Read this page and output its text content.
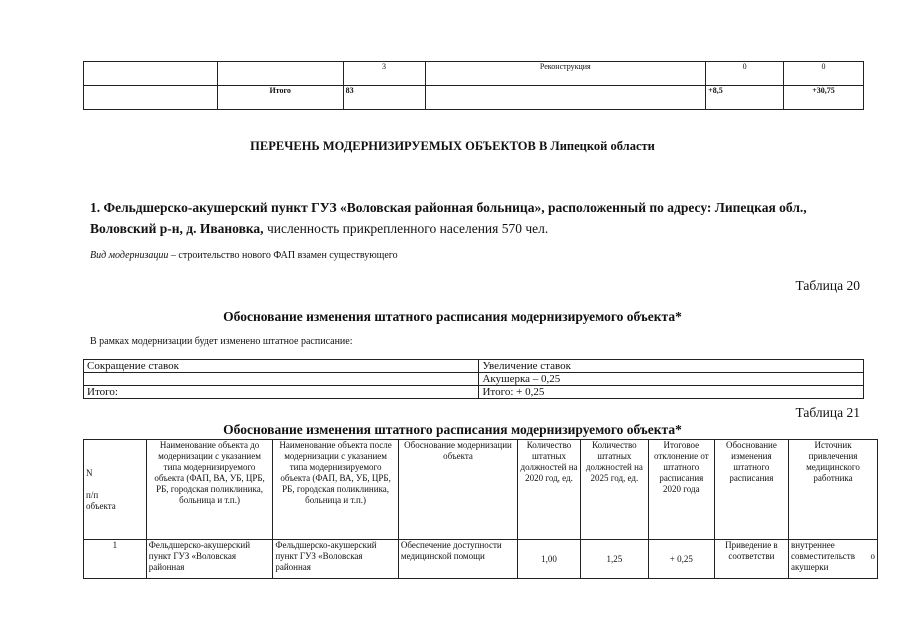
		3	Реконструкция	0	0
	Итого	83		+8,5	+30,75
ПЕРЕЧЕНЬ МОДЕРНИЗИРУЕМЫХ ОБЪЕКТОВ В Липецкой области
1. Фельдшерско-акушерский пункт ГУЗ «Воловская районная больница», расположенный по адресу: Липецкая обл., Воловский р-н, д. Ивановка, численность прикрепленного населения 570 чел.
Вид модернизации – строительство нового ФАП взамен существующего
Таблица 20
Обоснование изменения штатного расписания модернизируемого объекта*
В рамках модернизации будет изменено штатное расписание:
Сокращение ставок	Увеличение ставок
	Акушерка – 0,25
Итого:	Итого: + 0,25
Таблица 21
Обоснование изменения штатного расписания модернизируемого объекта*
N

п/п
объекта	Наименование объекта до модернизации с указанием типа модернизируемого объекта (ФАП, ВА, УБ, ЦРБ, РБ, городская поликлиника, больница и т.п.)	Наименование объекта после модернизации с указанием типа модернизируемого объекта (ФАП, ВА, УБ, ЦРБ, РБ, городская поликлиника, больница и т.п.)	Обоснование модернизации объекта	Количество штатных должностей на 2020 год, ед.	Количество штатных должностей на 2025 год, ед.	Итоговое отклонение от штатного расписания 2020 года	Обоснование изменения штатного расписания	Источник привлечения медицинского работника
1	Фельдшерско-акушерский пункт ГУЗ «Воловская районная	Фельдшерско-акушерский пункт ГУЗ «Воловская районная	Обеспечение доступности медицинской помощи	1,00	1,25	+ 0,25	Приведение в соответстви	внутреннее совместительств о акушерки
